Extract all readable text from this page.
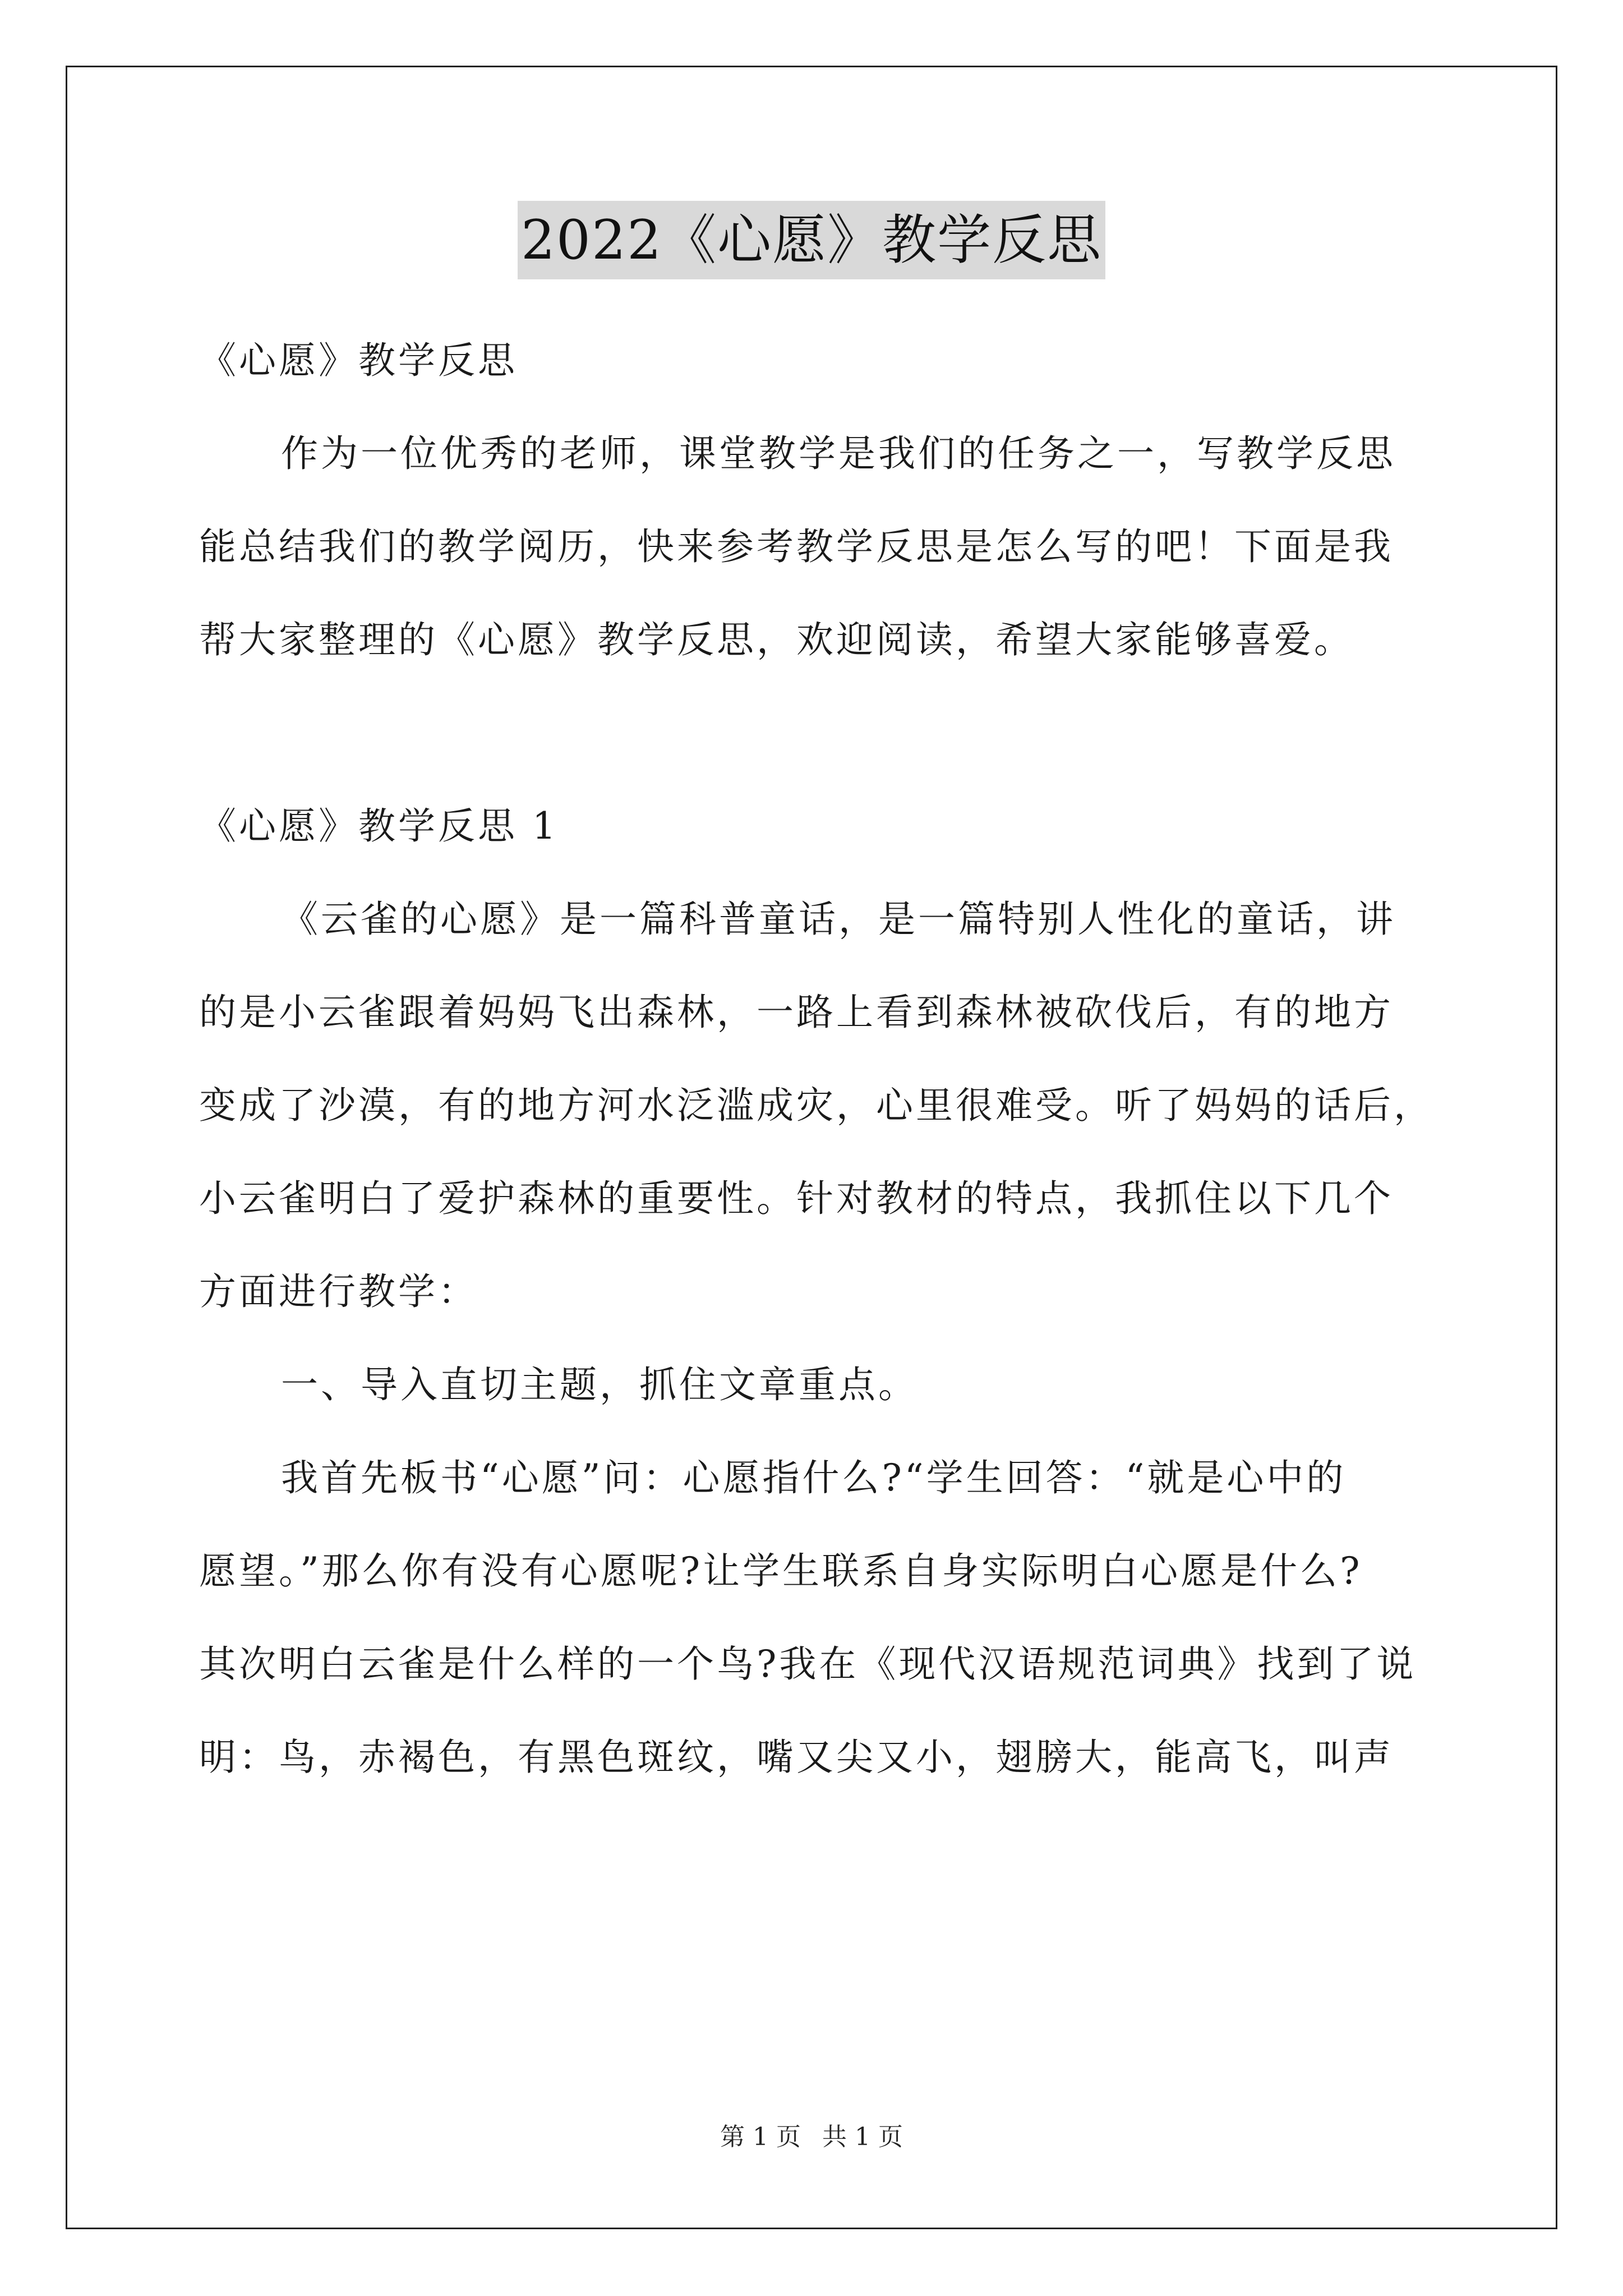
2022《心愿》教学反思
《心愿》教学反思
作为一位优秀的老师，课堂教学是我们的任务之一，写教学反思
能总结我们的教学阅历，快来参考教学反思是怎么写的吧！下面是我
帮大家整理的《心愿》教学反思，欢迎阅读，希望大家能够喜爱。
《心愿》教学反思 1
《云雀的心愿》是一篇科普童话，是一篇特别人性化的童话，讲
的是小云雀跟着妈妈飞出森林，一路上看到森林被砍伐后，有的地方
变成了沙漠，有的地方河水泛滥成灾，心里很难受。听了妈妈的话后，
小云雀明白了爱护森林的重要性。针对教材的特点，我抓住以下几个
方面进行教学：
一、导入直切主题，抓住文章重点。
我首先板书“心愿”问：心愿指什么?“学生回答：“就是心中的
愿望。”那么你有没有心愿呢?让学生联系自身实际明白心愿是什么?
其次明白云雀是什么样的一个鸟?我在《现代汉语规范词典》找到了说
明：鸟，赤褐色，有黑色斑纹，嘴又尖又小，翅膀大，能高飞，叫声
第 1 页 共 1 页
